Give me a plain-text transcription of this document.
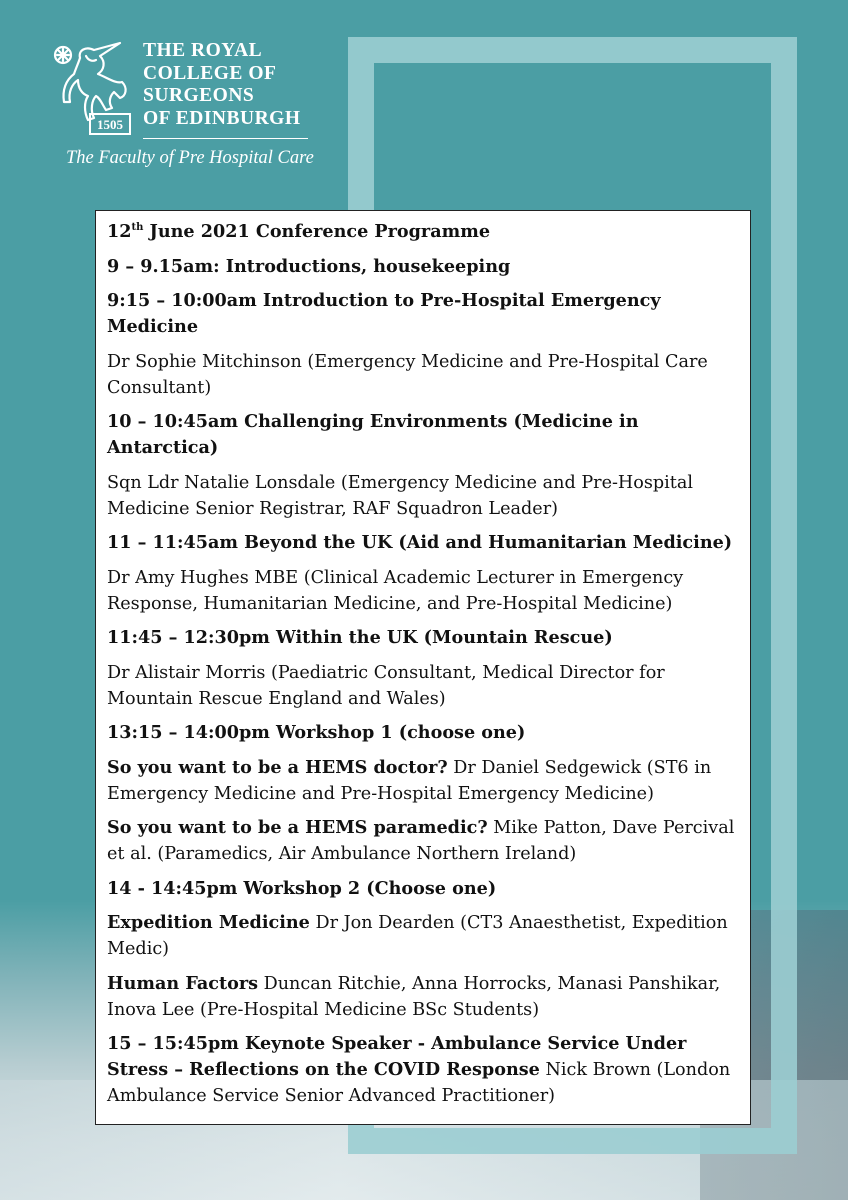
1505
THE ROYAL
COLLEGE OF
SURGEONS
OF EDINBURGH
The Faculty of Pre Hospital Care

12th June 2021 Conference Programme

9 – 9.15am: Introductions, housekeeping

9:15 – 10:00am Introduction to Pre-Hospital Emergency Medicine

Dr Sophie Mitchinson (Emergency Medicine and Pre-Hospital Care Consultant)

10 – 10:45am Challenging Environments (Medicine in Antarctica)

Sqn Ldr Natalie Lonsdale (Emergency Medicine and Pre-Hospital Medicine Senior Registrar, RAF Squadron Leader)

11 – 11:45am Beyond the UK (Aid and Humanitarian Medicine)

Dr Amy Hughes MBE (Clinical Academic Lecturer in Emergency Response, Humanitarian Medicine, and Pre-Hospital Medicine)

11:45 – 12:30pm Within the UK (Mountain Rescue)

Dr Alistair Morris (Paediatric Consultant, Medical Director for Mountain Rescue England and Wales)

13:15 – 14:00pm Workshop 1 (choose one)

So you want to be a HEMS doctor? Dr Daniel Sedgewick (ST6 in Emergency Medicine and Pre-Hospital Emergency Medicine)

So you want to be a HEMS paramedic? Mike Patton, Dave Percival et al. (Paramedics, Air Ambulance Northern Ireland)

14 - 14:45pm Workshop 2 (Choose one)

Expedition Medicine Dr Jon Dearden (CT3 Anaesthetist, Expedition Medic)

Human Factors Duncan Ritchie, Anna Horrocks, Manasi Panshikar, Inova Lee (Pre-Hospital Medicine BSc Students)

15 – 15:45pm Keynote Speaker - Ambulance Service Under Stress – Reflections on the COVID Response Nick Brown (London Ambulance Service Senior Advanced Practitioner)
